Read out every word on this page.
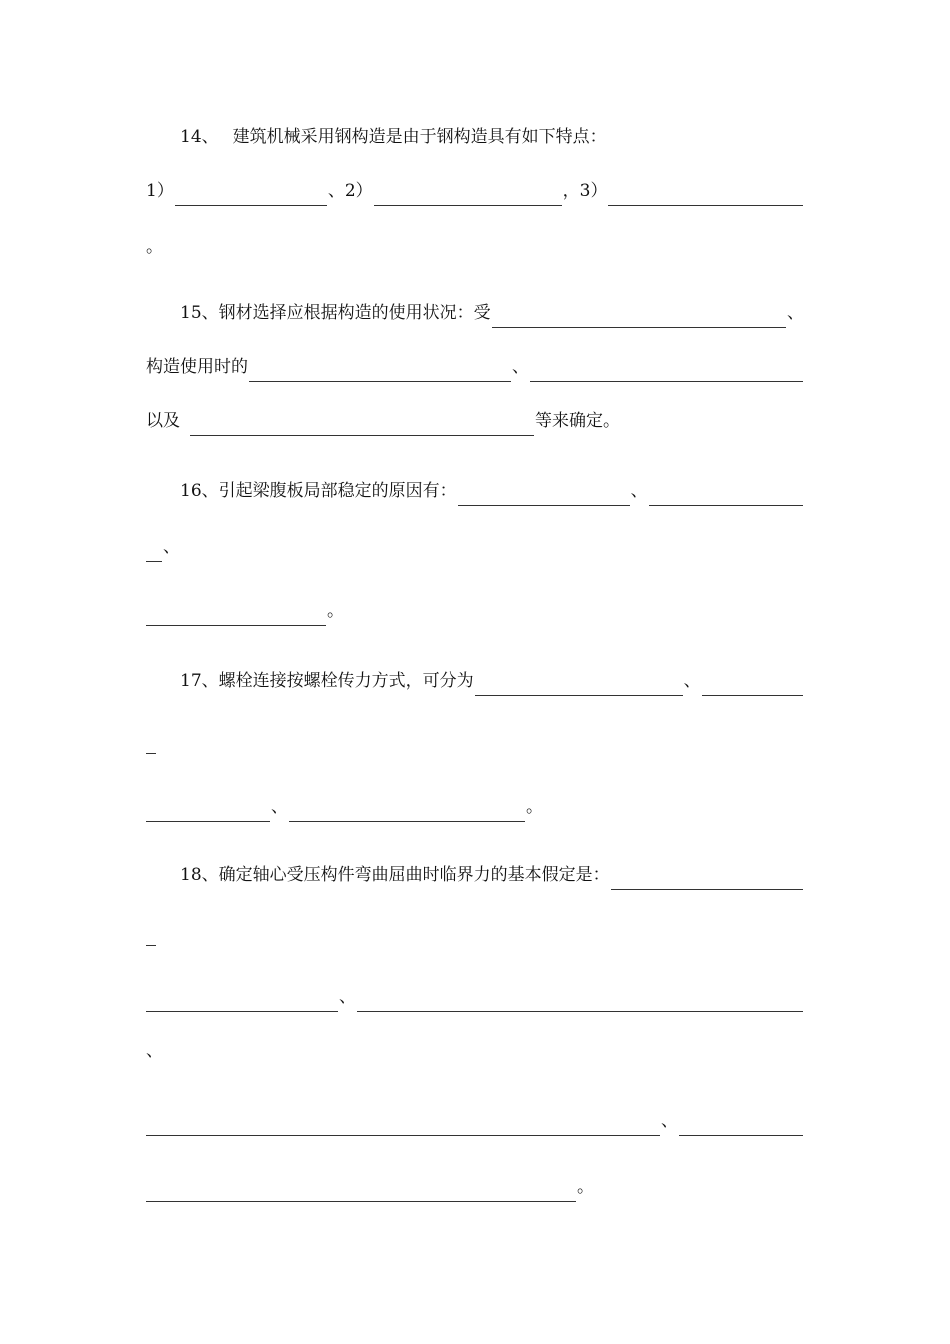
14、 建筑机械采用钢构造是由于钢构造具有如下特点：
1）	、2）	，3）
。
15、钢材选择应根据构造的使用状况：受	、
构造使用时的	、
以及	等来确定。
16、引起梁腹板局部稳定的原因有：	、
、
。
17、螺栓连接按螺栓传力方式，可分为	、
、	。
18、确定轴心受压构件弯曲屈曲时临界力的基本假定是：
、
、
、
。
